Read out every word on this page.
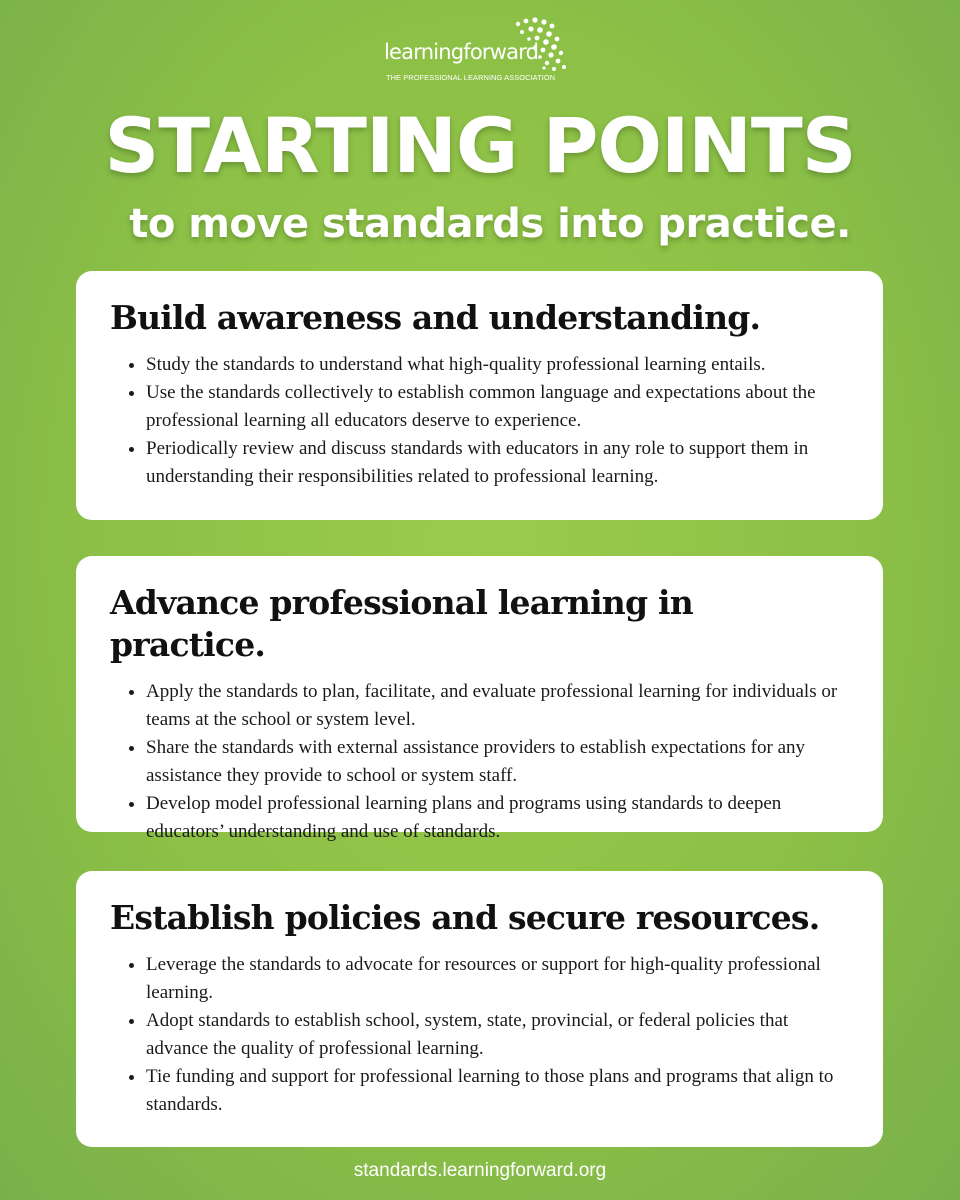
learningforward
THE PROFESSIONAL LEARNING ASSOCIATION
STARTING POINTS
to move standards into practice.
Build awareness and understanding.
• Study the standards to understand what high-quality professional learning entails.
• Use the standards collectively to establish common language and expectations about the professional learning all educators deserve to experience.
• Periodically review and discuss standards with educators in any role to support them in understanding their responsibilities related to professional learning.
Advance professional learning in practice.
• Apply the standards to plan, facilitate, and evaluate professional learning for individuals or teams at the school or system level.
• Share the standards with external assistance providers to establish expectations for any assistance they provide to school or system staff.
• Develop model professional learning plans and programs using standards to deepen educators’ understanding and use of standards.
Establish policies and secure resources.
• Leverage the standards to advocate for resources or support for high-quality professional learning.
• Adopt standards to establish school, system, state, provincial, or federal policies that advance the quality of professional learning.
• Tie funding and support for professional learning to those plans and programs that align to standards.
standards.learningforward.org
